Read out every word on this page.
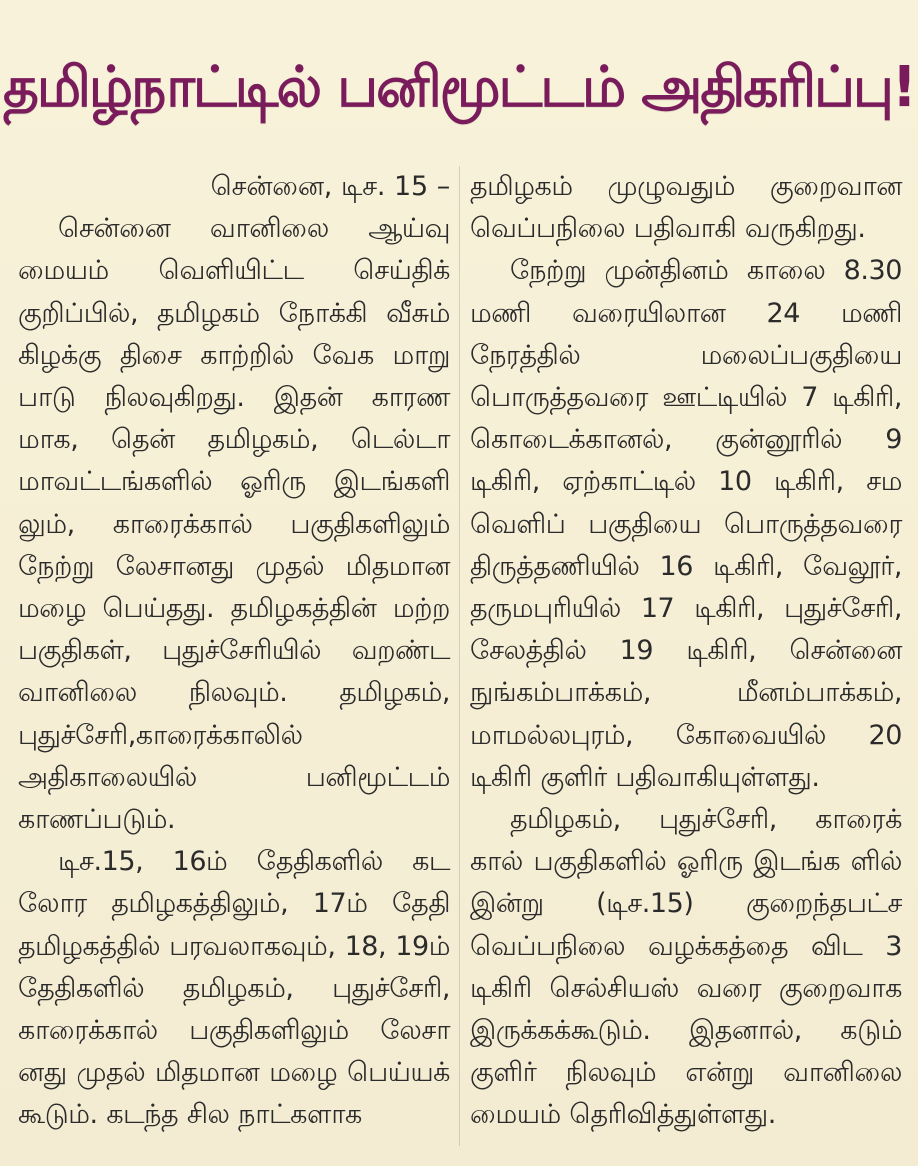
தமிழ்நாட்டில் பனிமூட்டம் அதிகரிப்பு!

சென்னை, டிச. 15 –

சென்னை வானிலை ஆய்வு மையம் வெளியிட்ட செய்திக் குறிப்பில், தமிழகம் நோக்கி வீசும் கிழக்கு திசை காற்றில் வேக மாறு பாடு நிலவுகிறது. இதன் காரண மாக, தென் தமிழகம், டெல்டா மாவட்டங்களில் ஓரிரு இடங்களி லும், காரைக்கால் பகுதிகளிலும் நேற்று லேசானது முதல் மிதமான மழை பெய்தது. தமிழகத்தின் மற்ற பகுதிகள், புதுச்சேரியில் வறண்ட வானிலை நிலவும். தமிழகம், புதுச்சேரி,காரைக்காலில் அதிகாலையில் பனிமூட்டம் காணப்படும்.

டிச.15, 16ம் தேதிகளில் கட லோர தமிழகத்திலும், 17ம் தேதி தமிழகத்தில் பரவலாகவும், 18, 19ம் தேதிகளில் தமிழகம், புதுச்சேரி, காரைக்கால் பகுதிகளிலும் லேசா னது முதல் மிதமான மழை பெய்யக் கூடும். கடந்த சில நாட்களாக

தமிழகம் முழுவதும் குறைவான வெப்பநிலை பதிவாகி வருகிறது.

நேற்று முன்தினம் காலை 8.30 மணி வரையிலான 24 மணி நேரத்தில் மலைப்பகுதியை பொருத்தவரை ஊட்டியில் 7 டிகிரி, கொடைக்கானல், குன்னூரில் 9 டிகிரி, ஏற்காட்டில் 10 டிகிரி, சம வெளிப் பகுதியை பொருத்தவரை திருத்தணியில் 16 டிகிரி, வேலூர், தருமபுரியில் 17 டிகிரி, புதுச்சேரி, சேலத்தில் 19 டிகிரி, சென்னை நுங்கம்பாக்கம், மீனம்பாக்கம், மாமல்லபுரம், கோவையில் 20 டிகிரி குளிர் பதிவாகியுள்ளது.

தமிழகம், புதுச்சேரி, காரைக் கால் பகுதிகளில் ஓரிரு இடங்க ளில் இன்று (டிச.15) குறைந்தபட்ச வெப்பநிலை வழக்கத்தை விட 3 டிகிரி செல்சியஸ் வரை குறைவாக இருக்கக்கூடும். இதனால், கடும் குளிர் நிலவும் என்று வானிலை மையம் தெரிவித்துள்ளது.
